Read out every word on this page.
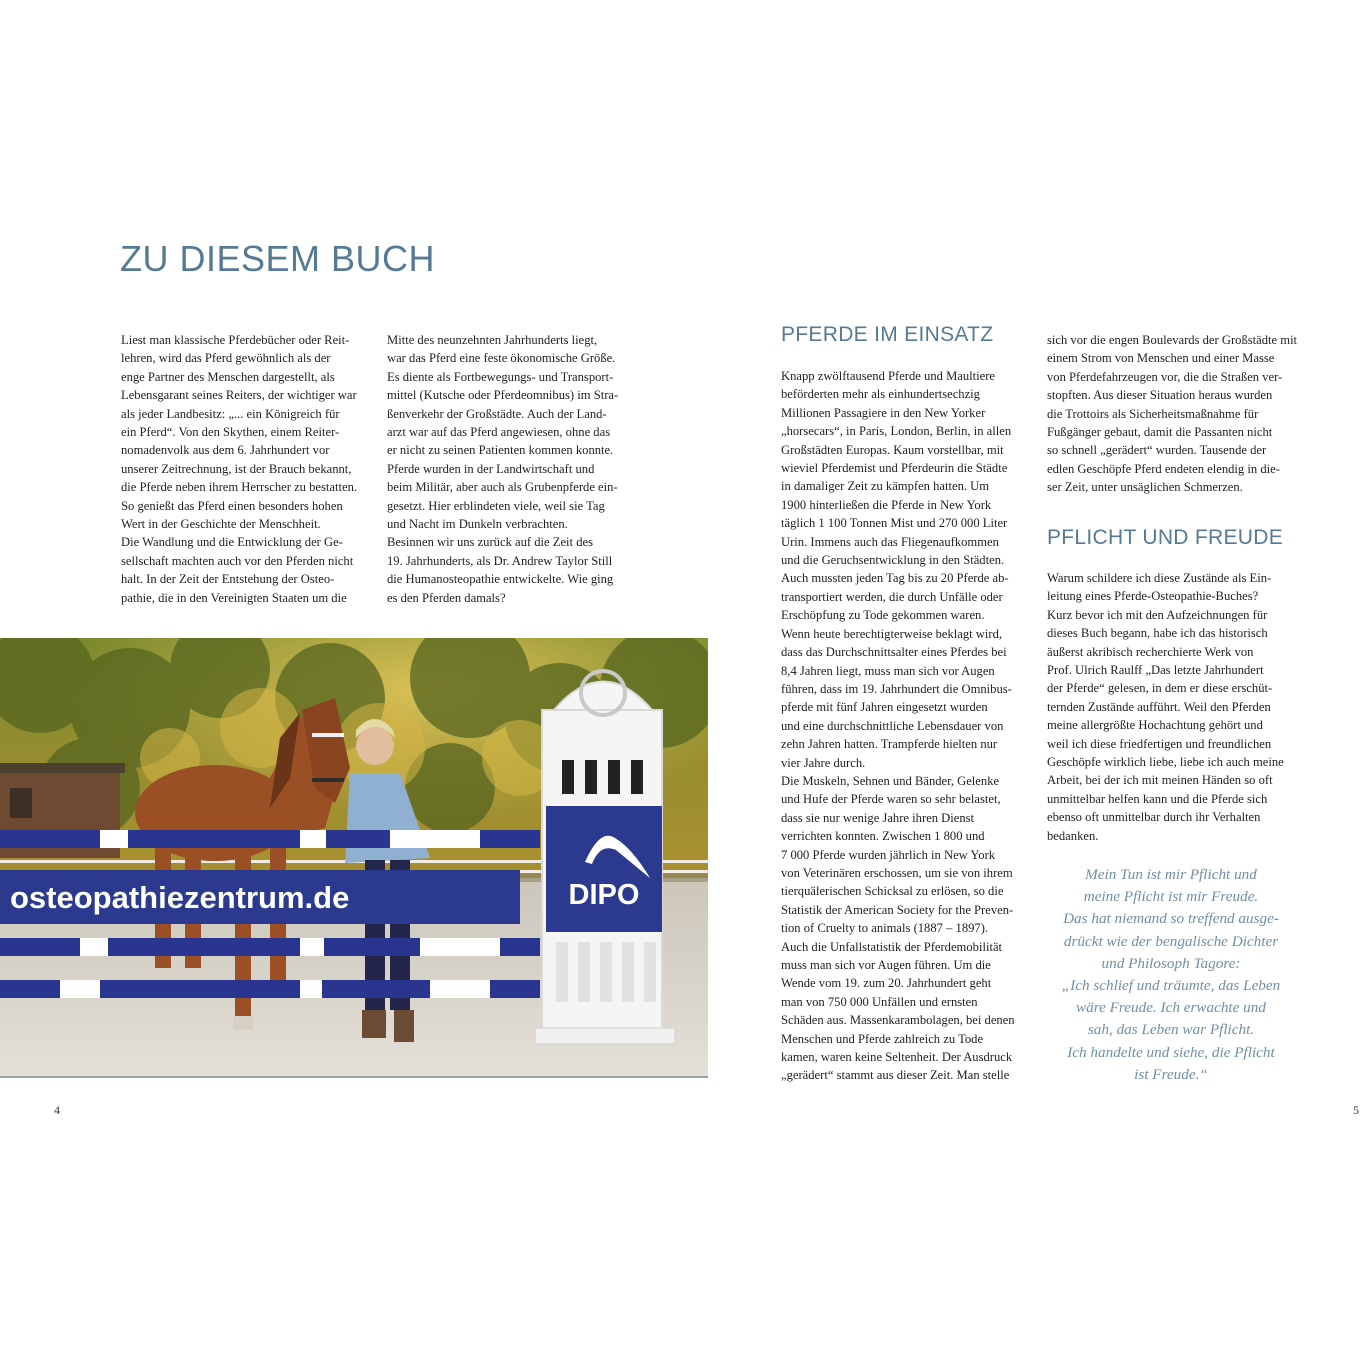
ZU DIESEM BUCH
Liest man klassische Pferdebücher oder Reit-
lehren, wird das Pferd gewöhnlich als der
enge Partner des Menschen dargestellt, als
Lebensgarant seines Reiters, der wichtiger war
als jeder Landbesitz: „... ein Königreich für
ein Pferd“. Von den Skythen, einem Reiter-
nomadenvolk aus dem 6. Jahrhundert vor
unserer Zeitrechnung, ist der Brauch bekannt,
die Pferde neben ihrem Herrscher zu bestatten.
So genießt das Pferd einen besonders hohen
Wert in der Geschichte der Menschheit.
Die Wandlung und die Entwicklung der Ge-
sellschaft machten auch vor den Pferden nicht
halt. In der Zeit der Entstehung der Osteo-
pathie, die in den Vereinigten Staaten um die
Mitte des neunzehnten Jahrhunderts liegt,
war das Pferd eine feste ökonomische Größe.
Es diente als Fortbewegungs- und Transport-
mittel (Kutsche oder Pferdeomnibus) im Stra-
ßenverkehr der Großstädte. Auch der Land-
arzt war auf das Pferd angewiesen, ohne das
er nicht zu seinen Patienten kommen konnte.
Pferde wurden in der Landwirtschaft und
beim Militär, aber auch als Grubenpferde ein-
gesetzt. Hier erblindeten viele, weil sie Tag
und Nacht im Dunkeln verbrachten.
Besinnen wir uns zurück auf die Zeit des
19. Jahrhunderts, als Dr. Andrew Taylor Still
die Humanosteopathie entwickelte. Wie ging
es den Pferden damals?
osteopathiezentrum.de	DIPO
4	5
PFERDE IM EINSATZ
Knapp zwölftausend Pferde und Maultiere
beförderten mehr als einhundertsechzig
Millionen Passagiere in den New Yorker
„horsecars“, in Paris, London, Berlin, in allen
Großstädten Europas. Kaum vorstellbar, mit
wieviel Pferdemist und Pferdeurin die Städte
in damaliger Zeit zu kämpfen hatten. Um
1900 hinterließen die Pferde in New York
täglich 1 100 Tonnen Mist und 270 000 Liter
Urin. Immens auch das Fliegenaufkommen
und die Geruchsentwicklung in den Städten.
Auch mussten jeden Tag bis zu 20 Pferde ab-
transportiert werden, die durch Unfälle oder
Erschöpfung zu Tode gekommen waren.
Wenn heute berechtigterweise beklagt wird,
dass das Durchschnittsalter eines Pferdes bei
8,4 Jahren liegt, muss man sich vor Augen
führen, dass im 19. Jahrhundert die Omnibus-
pferde mit fünf Jahren eingesetzt wurden
und eine durchschnittliche Lebensdauer von
zehn Jahren hatten. Trampferde hielten nur
vier Jahre durch.
Die Muskeln, Sehnen und Bänder, Gelenke
und Hufe der Pferde waren so sehr belastet,
dass sie nur wenige Jahre ihren Dienst
verrichten konnten. Zwischen 1 800 und
7 000 Pferde wurden jährlich in New York
von Veterinären erschossen, um sie von ihrem
tierquälerischen Schicksal zu erlösen, so die
Statistik der American Society for the Preven-
tion of Cruelty to animals (1887 – 1897).
Auch die Unfallstatistik der Pferdemobilität
muss man sich vor Augen führen. Um die
Wende vom 19. zum 20. Jahrhundert geht
man von 750 000 Unfällen und ernsten
Schäden aus. Massenkarambolagen, bei denen
Menschen und Pferde zahlreich zu Tode
kamen, waren keine Seltenheit. Der Ausdruck
„gerädert“ stammt aus dieser Zeit. Man stelle
sich vor die engen Boulevards der Großstädte mit
einem Strom von Menschen und einer Masse
von Pferdefahrzeugen vor, die die Straßen ver-
stopften. Aus dieser Situation heraus wurden
die Trottoirs als Sicherheitsmaßnahme für
Fußgänger gebaut, damit die Passanten nicht
so schnell „gerädert“ wurden. Tausende der
edlen Geschöpfe Pferd endeten elendig in die-
ser Zeit, unter unsäglichen Schmerzen.
PFLICHT UND FREUDE
Warum schildere ich diese Zustände als Ein-
leitung eines Pferde-Osteopathie-Buches?
Kurz bevor ich mit den Aufzeichnungen für
dieses Buch begann, habe ich das historisch
äußerst akribisch recherchierte Werk von
Prof. Ulrich Raulff „Das letzte Jahrhundert
der Pferde“ gelesen, in dem er diese erschüt-
ternden Zustände aufführt. Weil den Pferden
meine allergrößte Hochachtung gehört und
weil ich diese friedfertigen und freundlichen
Geschöpfe wirklich liebe, liebe ich auch meine
Arbeit, bei der ich mit meinen Händen so oft
unmittelbar helfen kann und die Pferde sich
ebenso oft unmittelbar durch ihr Verhalten
bedanken.
Mein Tun ist mir Pflicht und
meine Pflicht ist mir Freude.
Das hat niemand so treffend ausge-
drückt wie der bengalische Dichter
und Philosoph Tagore:
„Ich schlief und träumte, das Leben
wäre Freude. Ich erwachte und
sah, das Leben war Pflicht.
Ich handelte und siehe, die Pflicht
ist Freude.“
